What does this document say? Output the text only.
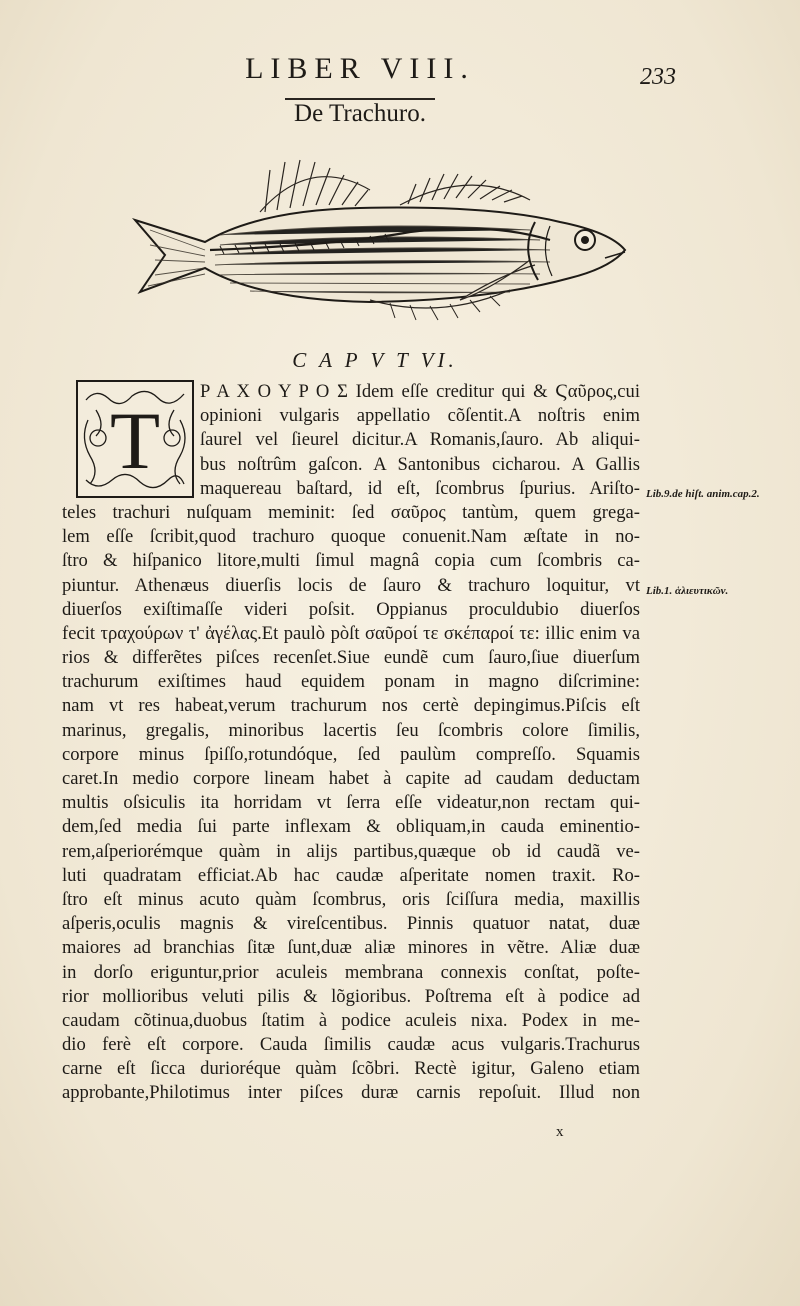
LIBER VIII.	233
De Trachuro.
C A P V T VI.
T
P A X O Y P O Σ Idem eſſe creditur qui & Ϛαῦρος,cui
opinioni vulgaris appellatio cõſentit.A noſtris enim
ſaurel vel ſieurel dicitur.A Romanis,ſauro. Ab aliqui-
bus noſtrûm gaſcon. A Santonibus cicharou. A Gallis
maquereau baſtard, id eſt, ſcombrus ſpurius. Ariſto-
teles trachuri nuſquam meminit: ſed σαῦρος tantùm, quem grega-
lem eſſe ſcribit,quod trachuro quoque conuenit.Nam æſtate in no-
ſtro & hiſpanico litore,multi ſimul magnâ copia cum ſcombris ca-
piuntur. Athenæus diuerſis locis de ſauro & trachuro loquitur, vt
diuerſos exiſtimaſſe videri poſsit. Oppianus proculdubio diuerſos
fecit τραχούρων τ' ἀγέλας.Et paulò pòſt σαῦροί τε σκέπαροί τε: illic enim va
rios & differẽtes piſces recenſet.Siue eundẽ cum ſauro,ſiue diuerſum
trachurum exiſtimes haud equidem ponam in magno diſcrimine:
nam vt res habeat,verum trachurum nos certè depingimus.Piſcis eſt
marinus, gregalis, minoribus lacertis ſeu ſcombris colore ſimilis,
corpore minus ſpiſſo,rotundóque, ſed paulùm compreſſo. Squamis
caret.In medio corpore lineam habet à capite ad caudam deductam
multis oſsiculis ita horridam vt ſerra eſſe videatur,non rectam qui-
dem,ſed media ſui parte inflexam & obliquam,in cauda eminentio-
rem,aſperiorémque quàm in alijs partibus,quæque ob id caudã ve-
luti quadratam efficiat.Ab hac caudæ aſperitate nomen traxit. Ro-
ſtro eſt minus acuto quàm ſcombrus, oris ſciſſura media, maxillis
aſperis,oculis magnis & vireſcentibus. Pinnis quatuor natat, duæ
maiores ad branchias ſitæ ſunt,duæ aliæ minores in vẽtre. Aliæ duæ
in dorſo eriguntur,prior aculeis membrana connexis conſtat, poſte-
rior mollioribus veluti pilis & lõgioribus. Poſtrema eſt à podice ad
caudam cõtinua,duobus ſtatim à podice aculeis nixa. Podex in me-
dio ferè eſt corpore. Cauda ſimilis caudæ acus vulgaris.Trachurus
carne eſt ſicca durioréque quàm ſcõbri. Rectè igitur, Galeno etiam
approbante,Philotimus inter piſces duræ carnis repoſuit. Illud non
Lib.9.de hiſt. anim.cap.2.
Lib.1. ἁλιευτικῶν.
x
